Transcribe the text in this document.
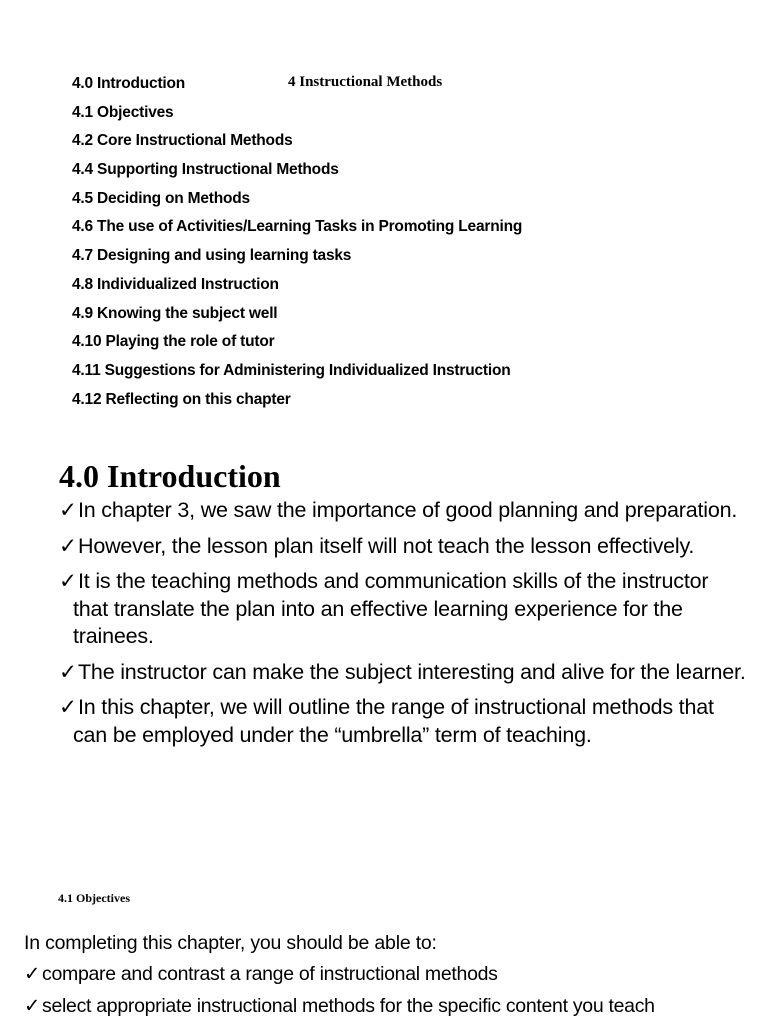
4 Instructional Methods
4.0 Introduction
4.1 Objectives
4.2 Core Instructional Methods
4.4 Supporting Instructional Methods
4.5 Deciding on Methods
4.6 The use of Activities/Learning Tasks in Promoting Learning
4.7 Designing and using learning tasks
4.8 Individualized Instruction
4.9 Knowing the subject well
4.10 Playing the role of tutor
4.11 Suggestions for Administering Individualized Instruction
4.12 Reflecting on this chapter
4.0 Introduction
✓In chapter 3, we saw the importance of good planning and preparation.
✓However, the lesson plan itself will not teach the lesson effectively.
✓It is the teaching methods and communication skills of the instructor that translate the plan into an effective learning experience for the trainees.
✓The instructor can make the subject interesting and alive for the learner.
✓In this chapter, we will outline the range of instructional methods that can be employed under the “umbrella” term of teaching.
4.1 Objectives
In completing this chapter, you should be able to:
✓ compare and contrast a range of instructional methods
✓ select appropriate instructional methods for the specific content you teach
